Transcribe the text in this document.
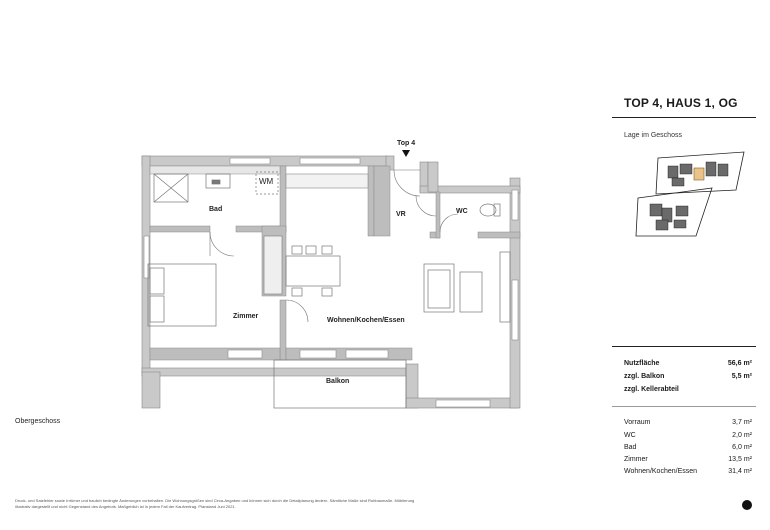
Top 4
Bad
WM
VR	WC
Zimmer
Wohnen/Kochen/Essen
Balkon
Obergeschoss
TOP 4, HAUS 1, OG
Lage im Geschoss
Nutzfläche	56,6 m²
zzgl. Balkon	5,5 m²
zzgl. Kellerabteil
Vorraum	3,7 m²
WC	2,0 m²
Bad	6,0 m²
Zimmer	13,5 m²
Wohnen/Kochen/Essen	31,4 m²
Druck- und Satzfehler sowie Irrtümer und baulich bedingte Änderungen vorbehalten. Die Wohnungsgrößen sind Circa-Angaben und können sich durch die Detailplanung ändern. Sämtliche Maße sind Rohbaumaße. Möblierung illustrativ dargestellt und nicht Gegenstand des Angebots. Maßgeblich ist in jedem Fall der Kaufvertrag. Planstand Juni 2021.
